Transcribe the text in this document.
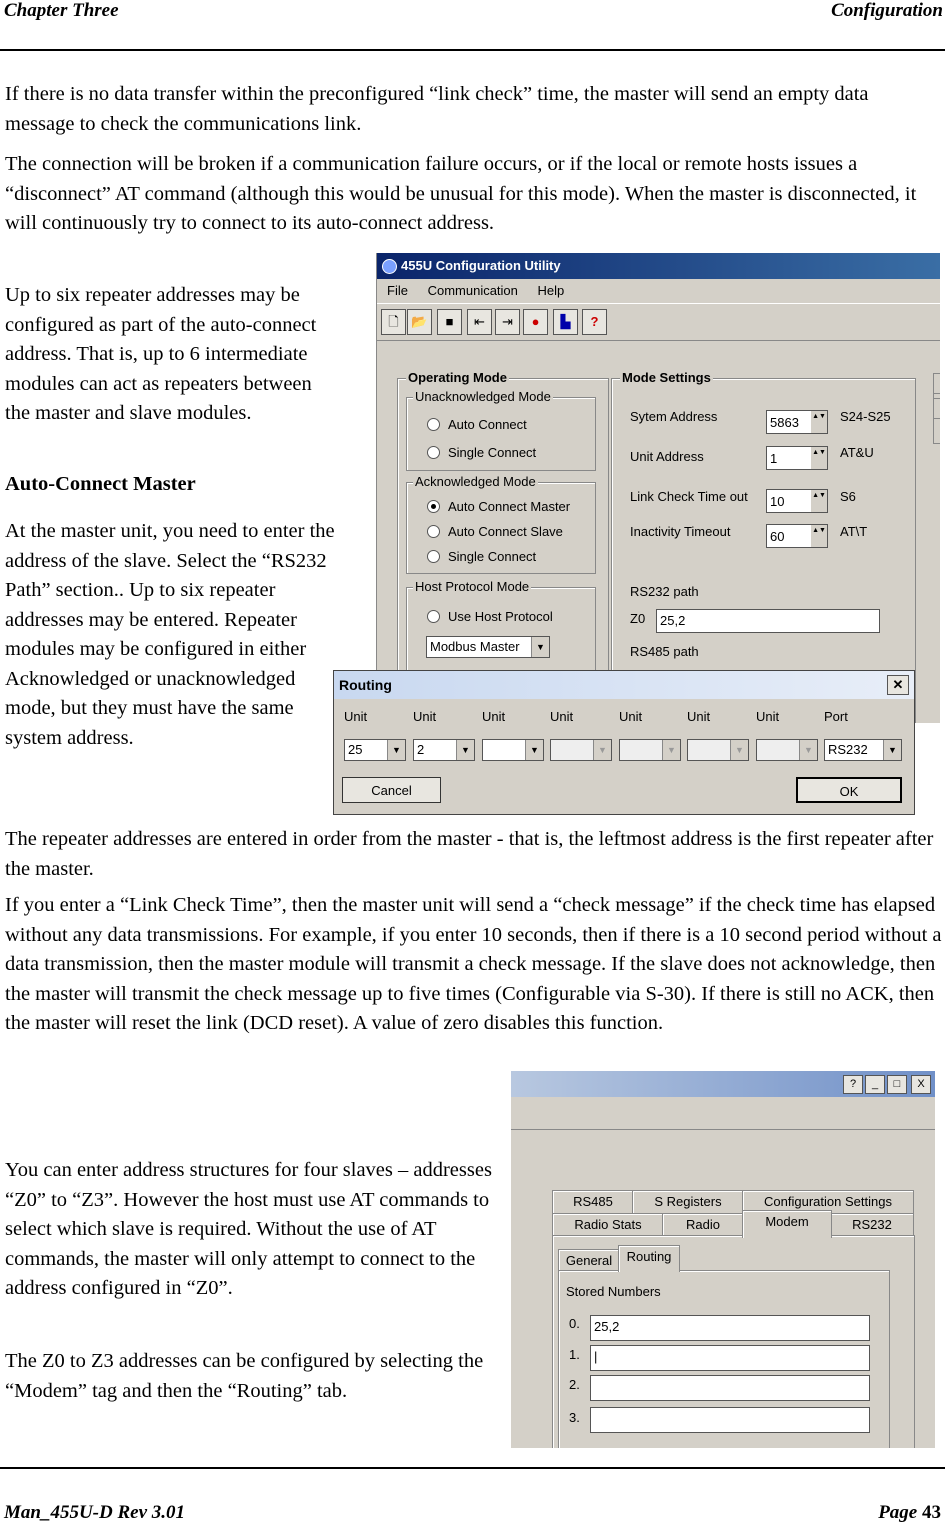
Chapter Three	Configuration

If there is no data transfer within the preconfigured “link check” time, the master will send an empty data message to check the communications link.

The connection will be broken if a communication failure occurs, or if the local or remote hosts issues a “disconnect” AT command (although this would be unusual for this mode). When the master is disconnected, it will continuously try to connect to its auto-connect address.

Up to six repeater addresses may be configured as part of the auto-connect address. That is, up to 6 intermediate modules can act as repeaters between the master and slave modules.

Auto-Connect Master

At the master unit, you need to enter the address of the slave. Select the “RS232 Path” section.. Up to six repeater addresses may be entered. Repeater modules may be configured in either Acknowledged or unacknowledged mode, but they must have the same system address.

The repeater addresses are entered in order from the master - that is, the leftmost address is the first repeater after the master.

If you enter a “Link Check Time”, then the master unit will send a “check message” if the check time has elapsed without any data transmissions. For example, if you enter 10 seconds, then if there is a 10 second period without a data transmission, then the master module will transmit a check message. If the slave does not acknowledge, then the master will transmit the check message up to five times (Configurable via S-30). If there is still no ACK, then the master will reset the link (DCD reset). A value of zero disables this function.

You can enter address structures for four slaves – addresses “Z0” to “Z3”. However the host must use AT commands to select which slave is required. Without the use of AT commands, the master will only attempt to connect to the address configured in “Z0”.

The Z0 to Z3 addresses can be configured by selecting the “Modem” tag and then the “Routing” tab.

455U Configuration Utility
File Communication Help
🗋 📂	■	⇤	⇥	●	▙	?
Operating Mode
Unacknowledged Mode
Auto Connect
Single Connect
Acknowledged Mode
Auto Connect Master
Auto Connect Slave
Single Connect
Host Protocol Mode
Use Host Protocol
Modbus Master ▼
Mode Settings
Sytem Address	5863 ▲▼	S24-S25
Unit Address	1 ▲▼	AT&U
Link Check Time out	10 ▲▼	S6
Inactivity Timeout	60 ▲▼	AT\T
RS232 path
Z0	25,2
RS485 path
Routing	✕
Unit	Unit	Unit	Unit	Unit	Unit	Unit	Port
25 ▼	2 ▼ ▼ ▼ ▼ ▼ ▼	RS232 ▼
Cancel	OK
?	_	□	X
RS485	S Registers	Configuration Settings
Radio Stats	Radio	Modem	RS232
General	Routing
Stored Numbers
0.	25,2
1.	|
2.
3.
Man_455U-D Rev 3.01	Page 43
